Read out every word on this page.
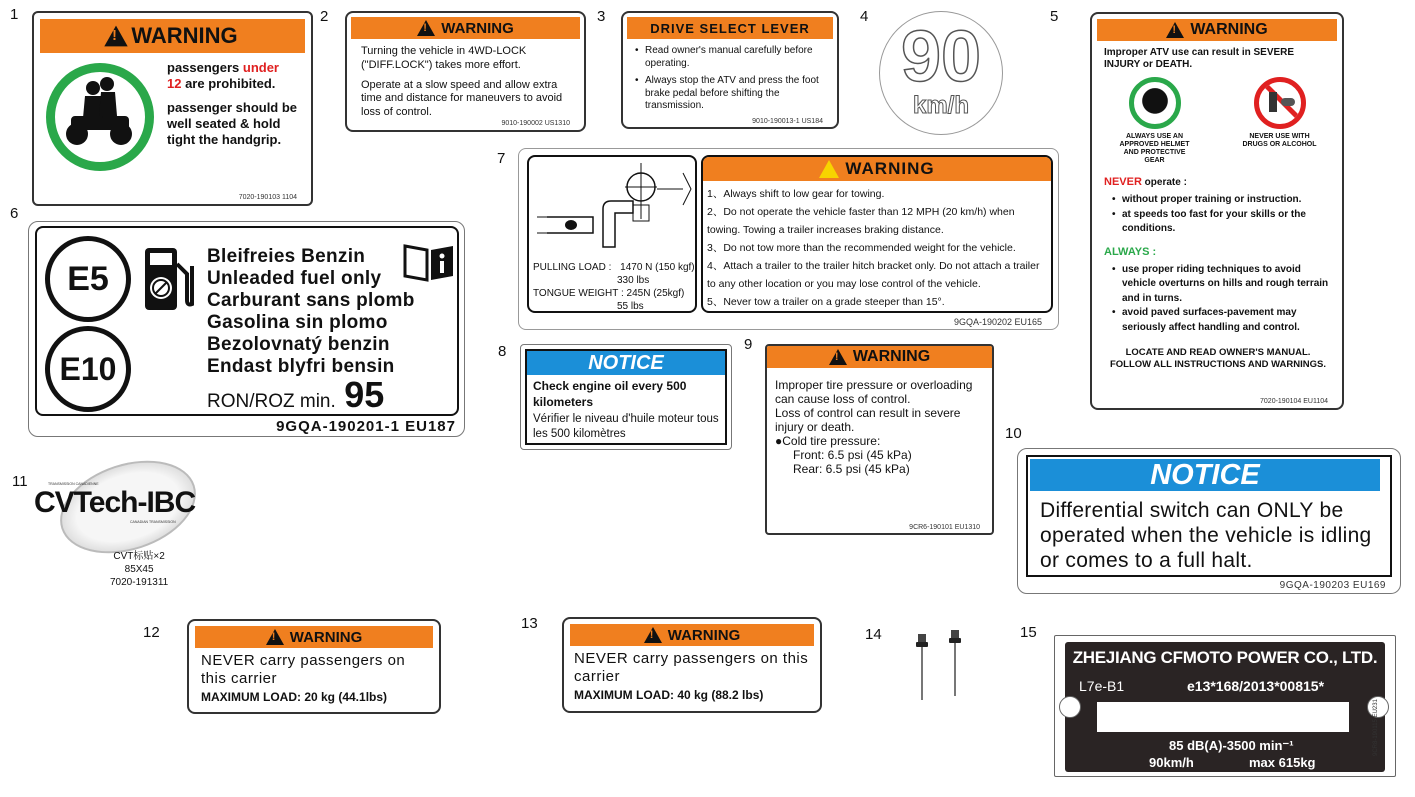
1	2	3	4	5
6
7
8	9
10
11
12
13
14	15
!
WARNING
passengers under
12 are prohibited.
passenger should be well seated & hold tight the handgrip.
7020-190103 1104
!
WARNING
Turning the vehicle in 4WD-LOCK ("DIFF.LOCK") takes more effort.
Operate at a slow speed and allow extra time and distance for maneuvers to avoid loss of control.
9010-190002 US1310
DRIVE SELECT LEVER
• Read owner's manual carefully before operating.
• Always stop the ATV and press the foot brake pedal before shifting the transmission.
9010-190013-1 US184
90
km/h
!
WARNING
Improper ATV use can result in SEVERE INJURY or DEATH.
ALWAYS USE AN APPROVED HELMET AND PROTECTIVE GEAR
NEVER USE WITH DRUGS OR ALCOHOL
NEVER operate :
• without proper training or instruction.
• at speeds too fast for your skills or the conditions.
ALWAYS :
• use proper riding techniques to avoid vehicle overturns on hills and rough terrain and in turns.
• avoid paved surfaces-pavement may seriously affect handling and control.
LOCATE AND READ OWNER'S MANUAL. FOLLOW ALL INSTRUCTIONS AND WARNINGS.
7020-190104 EU1104
E5
E10
Bleifreies Benzin
Unleaded fuel only
Carburant sans plomb
Gasolina sin plomo
Bezolovnatý benzin
Endast blyfri bensin
RON/ROZ min. 95
9GQA-190201-1 EU187
PULLING LOAD : 1470 N (150 kgf)
330 lbs
TONGUE WEIGHT : 245N (25kgf)
55 lbs
WARNING
1、Always shift to low gear for towing.
2、Do not operate the vehicle faster than 12 MPH (20 km/h) when towing. Towing a trailer increases braking distance.
3、Do not tow more than the recommended weight for the vehicle.
4、Attach a trailer to the trailer hitch bracket only. Do not attach a trailer to any other location or you may lose control of the vehicle.
5、Never tow a trailer on a grade steeper than 15°.
9GQA-190202 EU165
NOTICE
Check engine oil every 500 kilometers
Vérifier le niveau d'huile moteur tous les 500 kilomètres
!
WARNING
Improper tire pressure or overloading can cause loss of control.
Loss of control can result in severe injury or death.
●Cold tire pressure:
Front: 6.5 psi (45 kPa)
Rear: 6.5 psi (45 kPa)
9CR6-190101 EU1310
NOTICE
Differential switch can ONLY be operated when the vehicle is idling or comes to a full halt.
9GQA-190203 EU169
TRANSMISSION CANADIENNE
CVTech-IBC
CANADIAN TRANSMISSION
CVT标贴×2
85X45
7020-191311
!
WARNING
NEVER carry passengers on this carrier
MAXIMUM LOAD: 20 kg (44.1lbs)
!
WARNING
NEVER carry passengers on this carrier
MAXIMUM LOAD: 40 kg (88.2 lbs)
ZHEJIANG CFMOTO POWER CO., LTD.
L7e-B1	e13*168/2013*00815*
85 dB(A)-3500 min⁻¹
90km/h	max 615kg
9CR8-190115 EU231
